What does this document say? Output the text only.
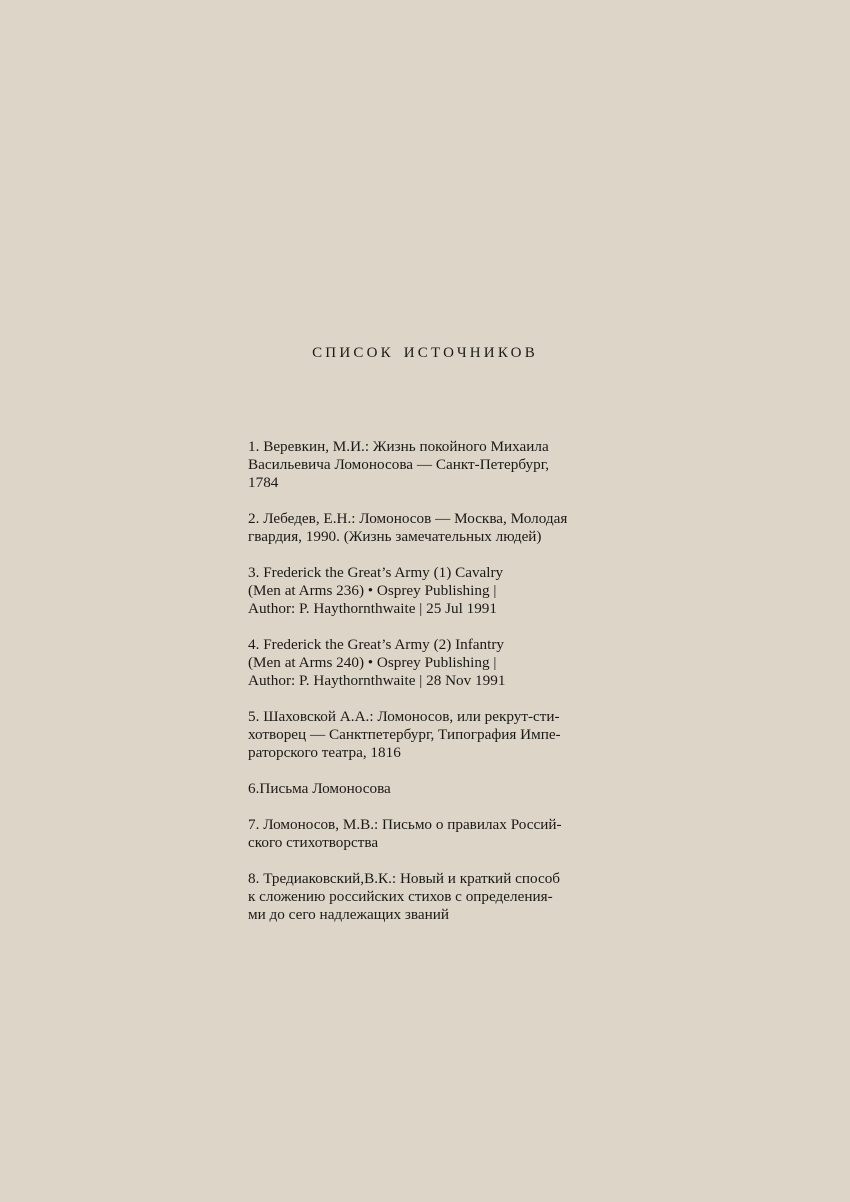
СПИСОК ИСТОЧНИКОВ
1. Веревкин, М.И.: Жизнь покойного Михаила
Васильевича Ломоносова — Санкт-Петербург,
1784
2. Лебедев, Е.Н.: Ломоносов — Москва, Молодая
гвардия, 1990. (Жизнь замечательных людей)
3. Frederick the Great’s Army (1) Cavalry
(Men at Arms 236) • Osprey Publishing |
Author: P. Haythornthwaite | 25 Jul 1991
4. Frederick the Great’s Army (2) Infantry
(Men at Arms 240) • Osprey Publishing |
Author: P. Haythornthwaite | 28 Nov 1991
5. Шаховской А.А.: Ломоносов, или рекрут-сти-
хотворец — Санктпетербург, Типография Импе-
раторского театра, 1816
6.Письма Ломоносова
7. Ломоносов, М.В.: Письмо о правилах Россий-
ского стихотворства
8. Тредиаковский,В.К.: Новый и краткий способ
к сложению российских стихов с определения-
ми до сего надлежащих званий
